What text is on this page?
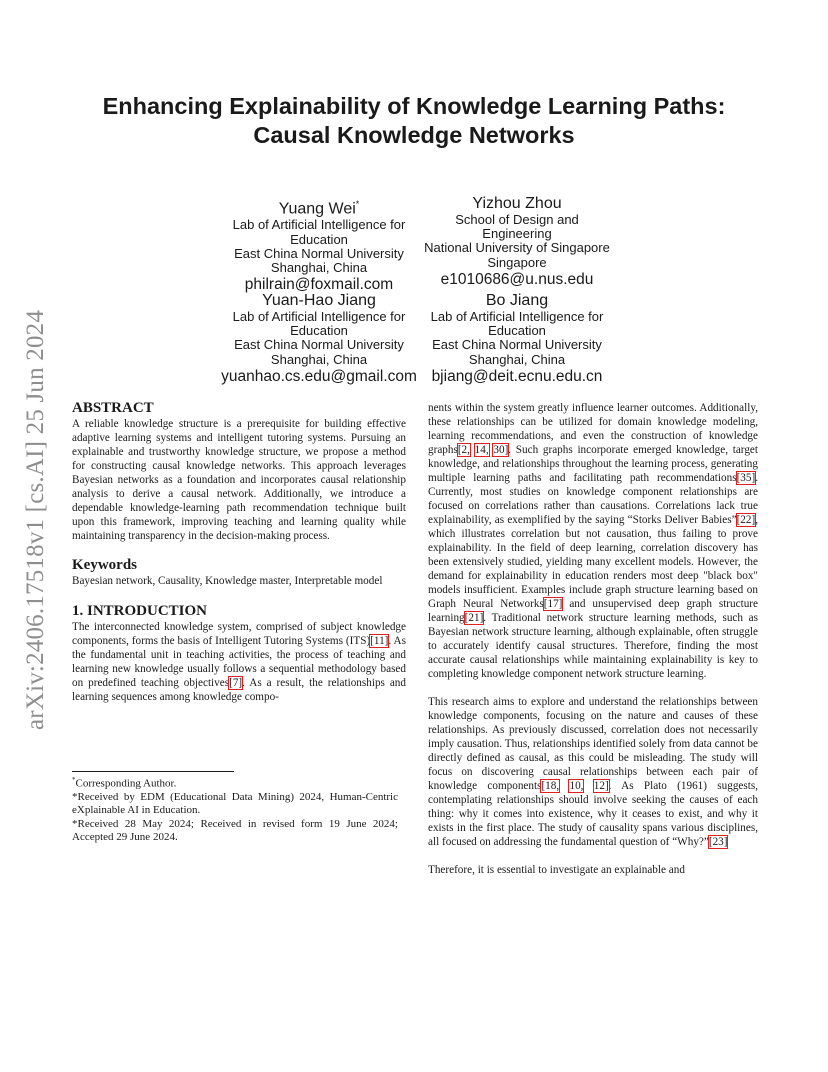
arXiv:2406.17518v1 [cs.AI] 25 Jun 2024
Enhancing Explainability of Knowledge Learning Paths:
Causal Knowledge Networks
Yuang Wei*
Lab of Artificial Intelligence for
Education
East China Normal University
Shanghai, China
philrain@foxmail.com
Yizhou Zhou
School of Design and
Engineering
National University of Singapore
Singapore
e1010686@u.nus.edu
Yuan-Hao Jiang
Lab of Artificial Intelligence for
Education
East China Normal University
Shanghai, China
yuanhao.cs.edu@gmail.com
Bo Jiang
Lab of Artificial Intelligence for
Education
East China Normal University
Shanghai, China
bjiang@deit.ecnu.edu.cn
ABSTRACT

A reliable knowledge structure is a prerequisite for building effective adaptive learning systems and intelligent tutoring systems. Pursuing an explainable and trustworthy knowledge structure, we propose a method for constructing causal knowledge networks. This approach leverages Bayesian networks as a foundation and incorporates causal relationship analysis to derive a causal network. Additionally, we introduce a dependable knowledge-learning path recommendation technique built upon this framework, improving teaching and learning quality while maintaining transparency in the decision-making process.

Keywords

Bayesian network, Causality, Knowledge master, Interpretable model

1. INTRODUCTION

The interconnected knowledge system, comprised of subject knowledge components, forms the basis of Intelligent Tutoring Systems (ITS)[11]. As the fundamental unit in teaching activities, the process of teaching and learning new knowledge usually follows a sequential methodology based on predefined teaching objectives[7]. As a result, the relationships and learning sequences among knowledge compo-

*Corresponding Author.

*Received by EDM (Educational Data Mining) 2024, Human-Centric eXplainable AI in Education.

*Received 28 May 2024; Received in revised form 19 June 2024; Accepted 29 June 2024.

nents within the system greatly influence learner outcomes. Additionally, these relationships can be utilized for domain knowledge modeling, learning recommendations, and even the construction of knowledge graphs[2, 14, 30]. Such graphs incorporate emerged knowledge, target knowledge, and relationships throughout the learning process, generating multiple learning paths and facilitating path recommendations[35]. Currently, most studies on knowledge component relationships are focused on correlations rather than causations. Correlations lack true explainability, as exemplified by the saying “Storks Deliver Babies”[22], which illustrates correlation but not causation, thus failing to prove explainability. In the field of deep learning, correlation discovery has been extensively studied, yielding many excellent models. However, the demand for explainability in education renders most deep "black box" models insufficient. Examples include graph structure learning based on Graph Neural Networks[17] and unsupervised deep graph structure learning[21]. Traditional network structure learning methods, such as Bayesian network structure learning, although explainable, often struggle to accurately identify causal structures. Therefore, finding the most accurate causal relationships while maintaining explainability is key to completing knowledge component network structure learning.

This research aims to explore and understand the relationships between knowledge components, focusing on the nature and causes of these relationships. As previously discussed, correlation does not necessarily imply causation. Thus, relationships identified solely from data cannot be directly defined as causal, as this could be misleading. The study will focus on discovering causal relationships between each pair of knowledge components[18, 10, 12]. As Plato (1961) suggests, contemplating relationships should involve seeking the causes of each thing: why it comes into existence, why it ceases to exist, and why it exists in the first place. The study of causality spans various disciplines, all focused on addressing the fundamental question of “Why?”[23]

Therefore, it is essential to investigate an explainable and
